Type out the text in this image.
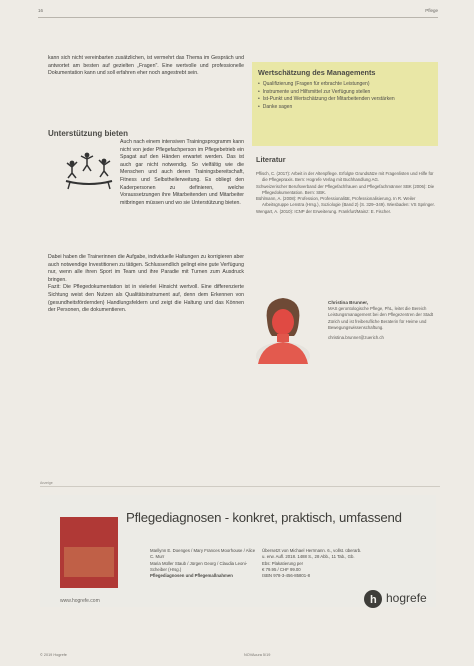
16	Pflege

kann sich nicht vereinbarten zusätzlichen, ist vermehrt das Thema im Gespräch und antwortet am besten auf gezielten „Fragen". Eine wertvolle und professionelle Dokumentation kann und soll erfahren eher noch angestrebt sein.

Unterstützung bieten

Auch nach einem intensiven Trainingsprogramm kann nicht von jeder Pflegefachperson im Pflegebetrieb ein Spagat auf den Händen erwartet werden. Das ist auch gar nicht notwendig. So vielfältig wie die Menschen und auch deren Trainingsbereitschaft, Fitness und Selbstheilerweitung. Es obliegt den Kaderpersonen zu definieren, welche Voraussetzungen ihre Mitarbeitenden und Mitarbeiter mitbringen müssen und wo sie Unterstützung bieten.

Dabei haben die Trainerinnen die Aufgabe, individuelle Haltungen zu korrigieren aber auch notwendige Investitionen zu tätigen. Schlussendlich gelingt eine gute Verfügung nur, wenn alle ihren Sport im Team und ihre Paradie mit Turnen zum Ausdruck bringen.

Fazit: Die Pflegedokumentation ist in vielerlei Hinsicht wertvoll. Eine differenzierte Sichtung weist den Nutzen als Qualitätsinstrument auf, denn dem Erkennen von (gesundheitsfördernden) Handlungsfeldern und zeigt die Haltung und das Können der Personen, die dokumentieren.

Wertschätzung des Managements
• Qualifizierung (Fragen für erbrachte Leistungen)
• Instrumente und Hilfsmittel zur Verfügung stellen
• Ist-Punkt und Wertschätzung der Mitarbeitenden verstärken
• Danke sagen
Literatur
Pflisch, C. (2017): Arbeit in der Altenpflege. Erfolgte Grundsätze mit Fragenlisten und Hilfe für die Pflegepraxis. Bern: Hogrefe Verlag mit Buchhandlung AG.
Schweizerischer Berufsverband der Pflegefachfrauen und Pflegefachmänner SBK (2006): Die Pflegedokumentation. Bern: SBK.
Bühlmann, A. (2008): Profession, Professionalität, Professionalisierung. In R. Weiler Arbeitsgruppe Lenstra (Hrsg.), Soziologie (Band 2) (S. 329–349). Wiesbaden: VS Springer.
Wengart, A. (2010): ICNP der Erweiterung. Frankfurt/Mainz: E. Fischer.
Christina Brunner,
MAS gerontologische Pflege, PhL, leitet die Bereich Leistungsmanagement bei den Pflegezentren der Stadt Zürich und ist freiberufliche Beraterin für Heime und Bewegungswissenschaftung.
christina.brunner@zuerich.ch
Anzeige
Pflegediagnosen - konkret, praktisch, umfassend
Marilynn E. Doenges / Mary Frances Moorhouse / Alice C. Murr
Maria Müller Staub / Jürgen Georg / Claudia Leoni-Scheiber (Hrsg.)
Pflegediagnosen und Pflegemaßnahmen
Übersetzt von Michael Herrmann. 6., vollst. überarb. u. erw. Aufl. 2018. 1488 S., 28 Abb., 11 Tab., Gb.
Ebs: Plakatierung per
€ 79.95 / CHF 99.00
ISBN 978-3-456-85801-8
www.hogrefe.com	h hogrefe
© 2019 Hogrefe	NOVAcura 5/19
